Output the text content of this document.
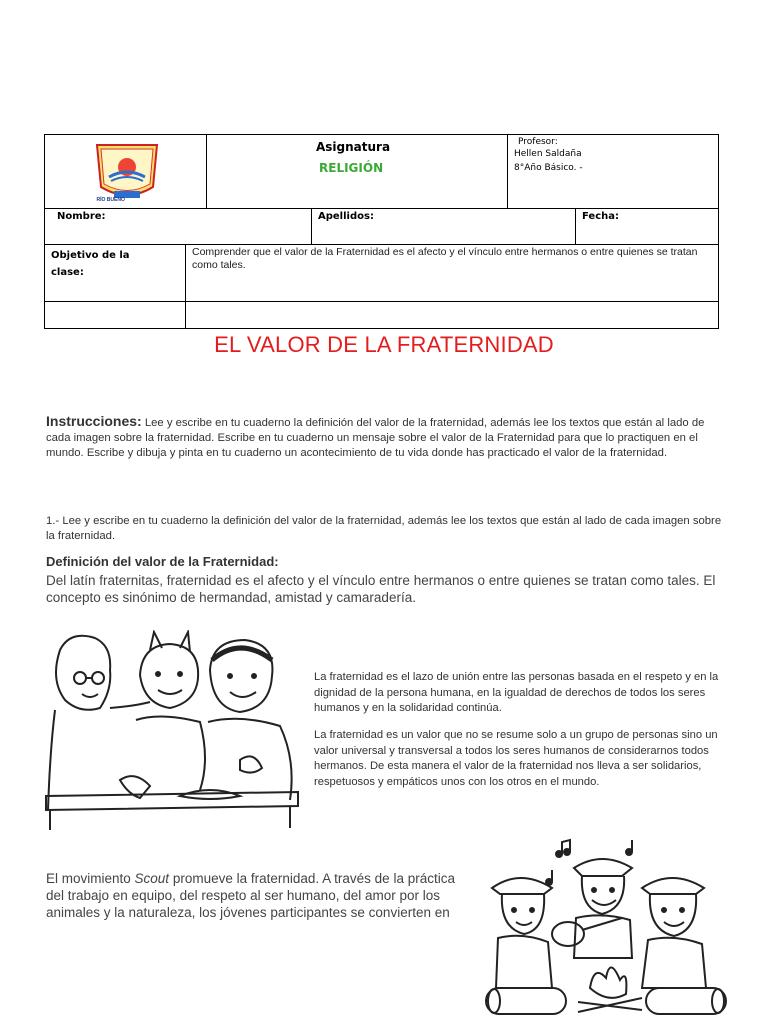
RÍO BUENO

Asignatura
RELIGIÓN

Profesor:
Hellen Saldaña
8°Año Básico. -
Nombre:	Apellidos:	Fecha:
Objetivo de la
clase:	Comprender que el valor de la Fraternidad es el afecto y el vínculo entre hermanos o entre quienes se tratan como tales.

EL VALOR DE LA FRATERNIDAD
Instrucciones: Lee y escribe en tu cuaderno la definición del valor de la fraternidad, además lee los textos que están al lado de cada imagen sobre la fraternidad. Escribe en tu cuaderno un mensaje sobre el valor de la Fraternidad para que lo practiquen en el mundo. Escribe y dibuja y pinta en tu cuaderno un acontecimiento de tu vida donde has practicado el valor de la fraternidad.
1.- Lee y escribe en tu cuaderno la definición del valor de la fraternidad, además lee los textos que están al lado de cada imagen sobre la fraternidad.
Definición del valor de la Fraternidad:
Del latín fraternitas, fraternidad es el afecto y el vínculo entre hermanos o entre quienes se tratan como tales. El concepto es sinónimo de hermandad, amistad y camaradería.
La fraternidad es el lazo de unión entre las personas basada en el respeto y en la dignidad de la persona humana, en la igualdad de derechos de todos los seres humanos y en la solidaridad continúa.
La fraternidad es un valor que no se resume solo a un grupo de personas sino un valor universal y transversal a todos los seres humanos de considerarnos todos hermanos. De esta manera el valor de la fraternidad nos lleva a ser solidarios, respetuosos y empáticos unos con los otros en el mundo.
El movimiento Scout promueve la fraternidad. A través de la práctica del trabajo en equipo, del respeto al ser humano, del amor por los animales y la naturaleza, los jóvenes participantes se convierten en
